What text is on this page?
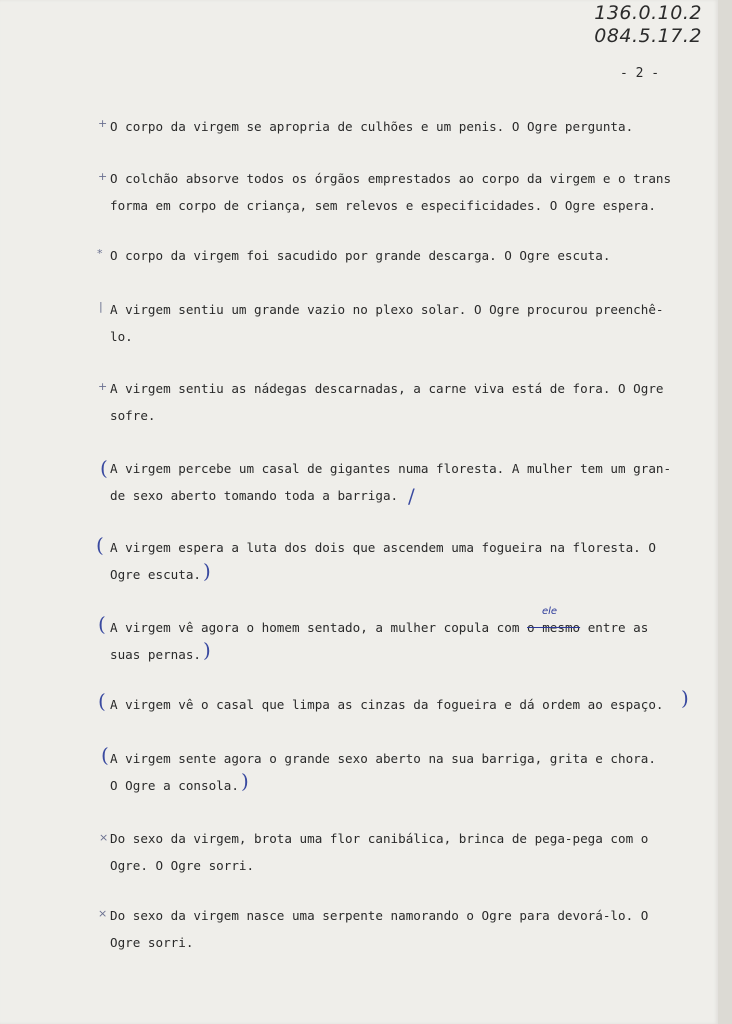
136.0.10.2
084.5.17.2
- 2 -
+ O corpo da virgem se apropria de culhões e um penis. O Ogre pergunta.
+ O colchão absorve todos os órgãos emprestados ao corpo da virgem e o trans
forma em corpo de criança, sem relevos e especificidades. O Ogre espera.
* O corpo da virgem foi sacudido por grande descarga. O Ogre escuta.
| A virgem sentiu um grande vazio no plexo solar. O Ogre procurou preenchê-
lo.
+ A virgem sentiu as nádegas descarnadas, a carne viva está de fora. O Ogre
sofre.
( A virgem percebe um casal de gigantes numa floresta. A mulher tem um gran-
de sexo aberto tomando toda a barriga. /
( A virgem espera a luta dos dois que ascendem uma fogueira na floresta. O
Ogre escuta. )
( A virgem vê agora o homem sentado, a mulher copula com o mesmo entre as
suas pernas.
ele
)
( A virgem vê o casal que limpa as cinzas da fogueira e dá ordem ao espaço. )
( A virgem sente agora o grande sexo aberto na sua barriga, grita e chora.
O Ogre a consola. )
× Do sexo da virgem, brota uma flor canibálica, brinca de pega-pega com o
Ogre. O Ogre sorri.
× Do sexo da virgem nasce uma serpente namorando o Ogre para devorá-lo. O
Ogre sorri.
